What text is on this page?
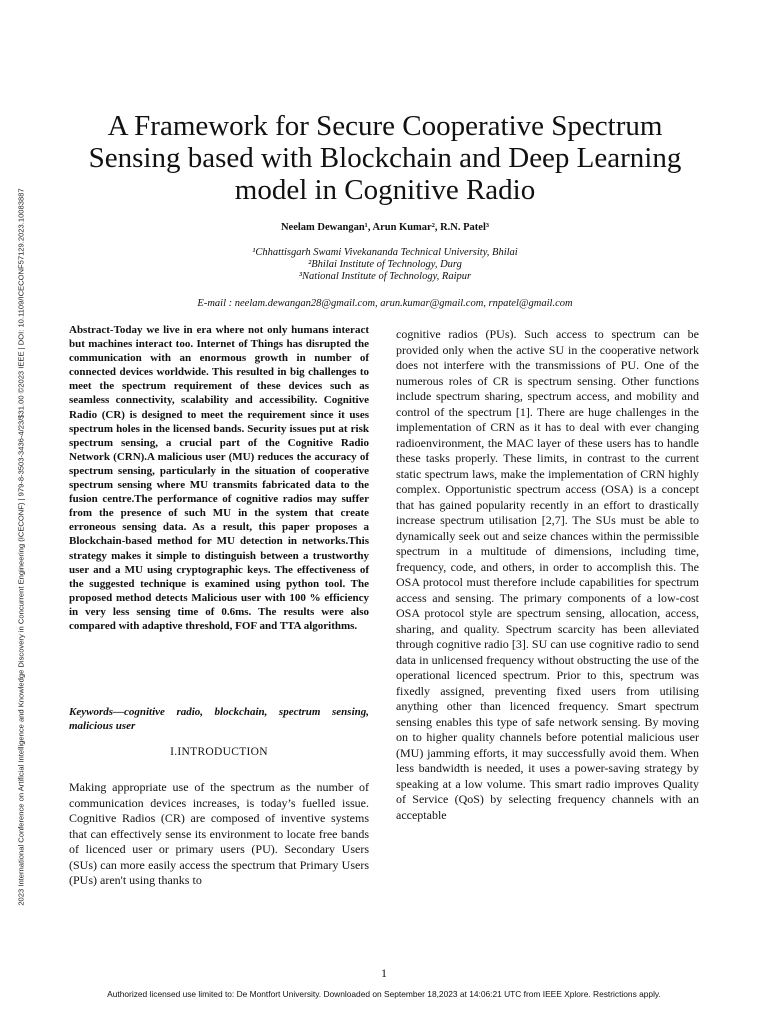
2023 International Conference on Artificial Intelligence and Knowledge Discovery in Concurrent Engineering (ICECONF) | 979-8-3503-3436-4/23/$31.00 ©2023 IEEE | DOI: 10.1109/ICECONF57129.2023.10083887
A Framework for Secure Cooperative Spectrum Sensing based with Blockchain and Deep Learning model in Cognitive Radio
Neelam Dewangan¹, Arun Kumar², R.N. Patel³
¹Chhattisgarh Swami Vivekananda Technical University, Bhilai
²Bhilai Institute of Technology, Durg
³National Institute of Technology, Raipur
E-mail : neelam.dewangan28@gmail.com, arun.kumar@gmail.com, rnpatel@gmail.com
Abstract-Today we live in era where not only humans interact but machines interact too. Internet of Things has disrupted the communication with an enormous growth in number of connected devices worldwide. This resulted in big challenges to meet the spectrum requirement of these devices such as seamless connectivity, scalability and accessibility. Cognitive Radio (CR) is designed to meet the requirement since it uses spectrum holes in the licensed bands. Security issues put at risk spectrum sensing, a crucial part of the Cognitive Radio Network (CRN).A malicious user (MU) reduces the accuracy of spectrum sensing, particularly in the situation of cooperative spectrum sensing where MU transmits fabricated data to the fusion centre.The performance of cognitive radios may suffer from the presence of such MU in the system that create erroneous sensing data. As a result, this paper proposes a Blockchain-based method for MU detection in networks.This strategy makes it simple to distinguish between a trustworthy user and a MU using cryptographic keys. The effectiveness of the suggested technique is examined using python tool. The proposed method detects Malicious user with 100 % efficiency in very less sensing time of 0.6ms. The results were also compared with adaptive threshold, FOF and TTA algorithms.
Keywords—cognitive radio, blockchain, spectrum sensing, malicious user
I.INTRODUCTION
Making appropriate use of the spectrum as the number of communication devices increases, is today’s fuelled issue. Cognitive Radios (CR) are composed of inventive systems that can effectively sense its environment to locate free bands of licenced user or primary users (PU). Secondary Users (SUs) can more easily access the spectrum that Primary Users (PUs) aren't using thanks to
cognitive radios (PUs). Such access to spectrum can be provided only when the active SU in the cooperative network does not interfere with the transmissions of PU. One of the numerous roles of CR is spectrum sensing. Other functions include spectrum sharing, spectrum access, and mobility and control of the spectrum [1]. There are huge challenges in the implementation of CRN as it has to deal with ever changing radioenvironment, the MAC layer of these users has to handle these tasks properly. These limits, in contrast to the current static spectrum laws, make the implementation of CRN highly complex. Opportunistic spectrum access (OSA) is a concept that has gained popularity recently in an effort to drastically increase spectrum utilisation [2,7]. The SUs must be able to dynamically seek out and seize chances within the permissible spectrum in a multitude of dimensions, including time, frequency, code, and others, in order to accomplish this. The OSA protocol must therefore include capabilities for spectrum access and sensing. The primary components of a low-cost OSA protocol style are spectrum sensing, allocation, access, sharing, and quality. Spectrum scarcity has been alleviated through cognitive radio [3]. SU can use cognitive radio to send data in unlicensed frequency without obstructing the use of the operational licenced spectrum. Prior to this, spectrum was fixedly assigned, preventing fixed users from utilising anything other than licenced frequency. Smart spectrum sensing enables this type of safe network sensing. By moving on to higher quality channels before potential malicious user (MU) jamming efforts, it may successfully avoid them. When less bandwidth is needed, it uses a power-saving strategy by speaking at a low volume. This smart radio improves Quality of Service (QoS) by selecting frequency channels with an acceptable
1
Authorized licensed use limited to: De Montfort University. Downloaded on September 18,2023 at 14:06:21 UTC from IEEE Xplore. Restrictions apply.
